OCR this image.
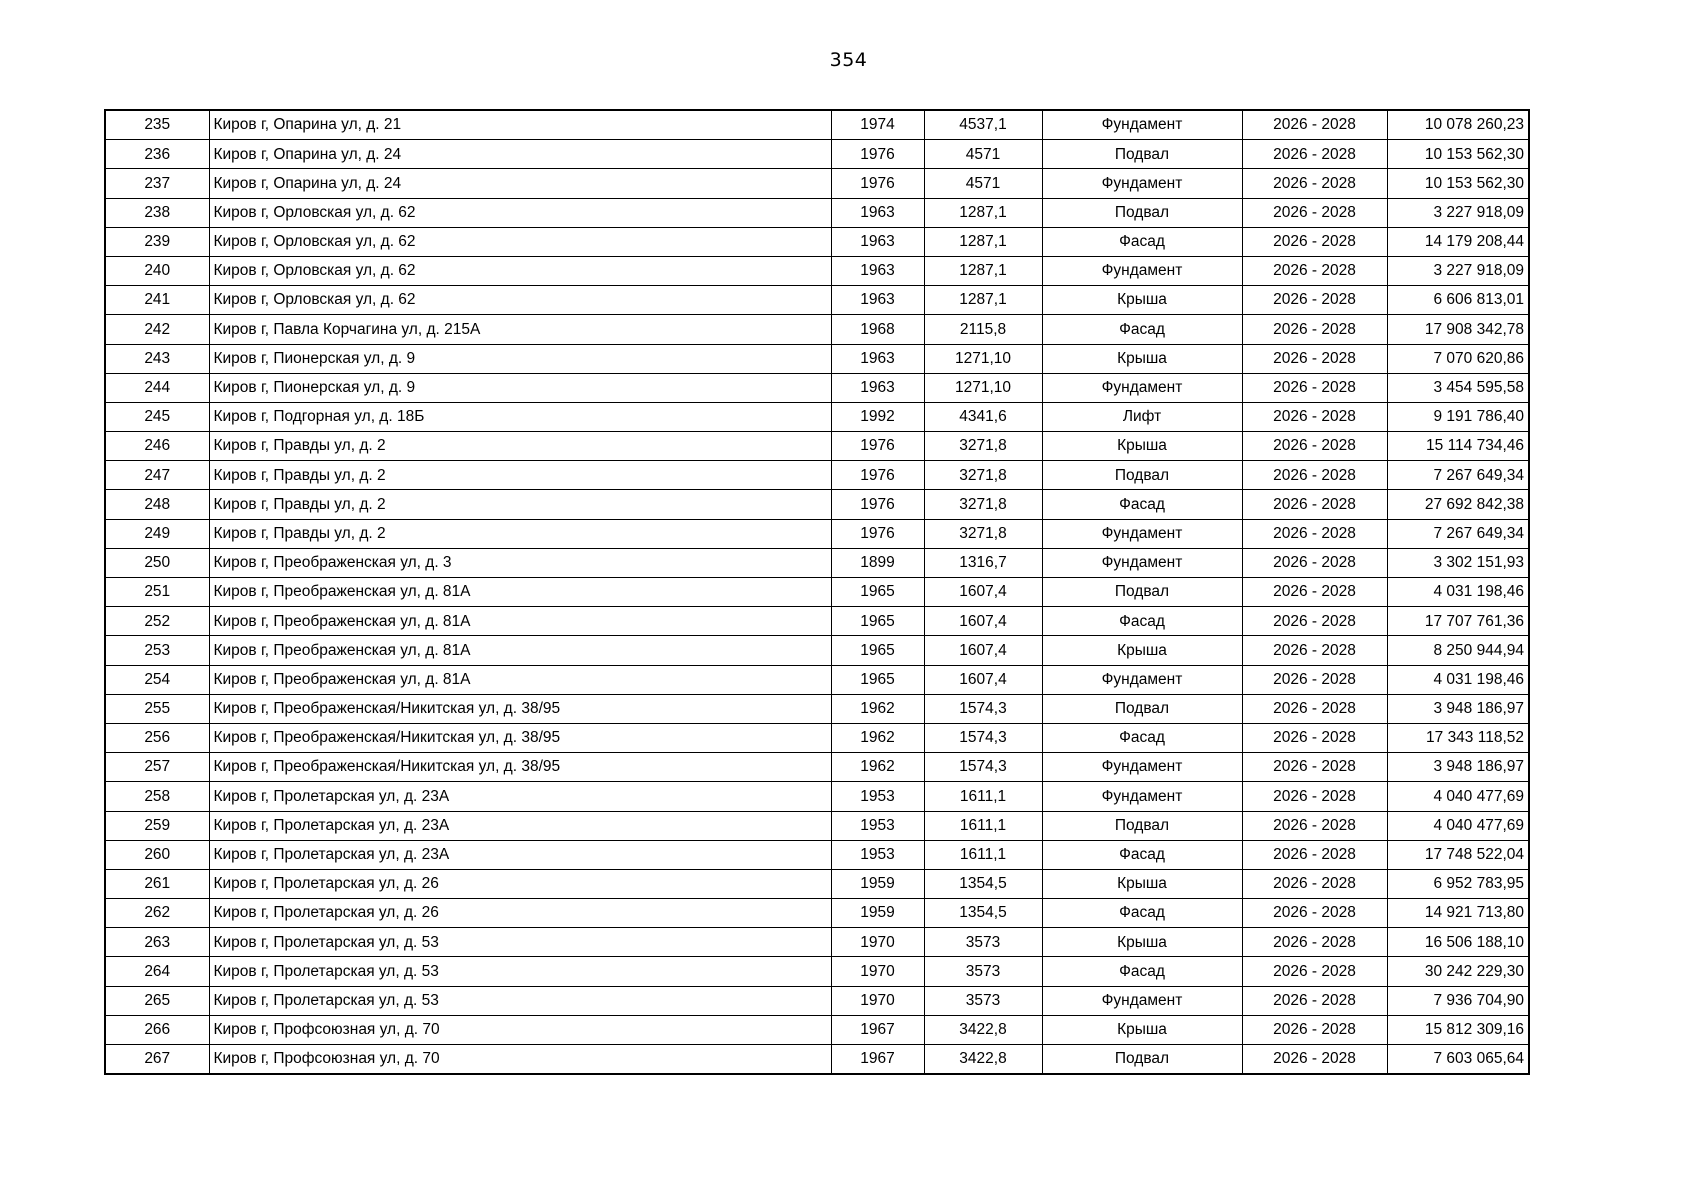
354
235	Киров г, Опарина ул, д. 21	1974	4537,1	Фундамент	2026 - 2028	10 078 260,23
236	Киров г, Опарина ул, д. 24	1976	4571	Подвал	2026 - 2028	10 153 562,30
237	Киров г, Опарина ул, д. 24	1976	4571	Фундамент	2026 - 2028	10 153 562,30
238	Киров г, Орловская ул, д. 62	1963	1287,1	Подвал	2026 - 2028	3 227 918,09
239	Киров г, Орловская ул, д. 62	1963	1287,1	Фасад	2026 - 2028	14 179 208,44
240	Киров г, Орловская ул, д. 62	1963	1287,1	Фундамент	2026 - 2028	3 227 918,09
241	Киров г, Орловская ул, д. 62	1963	1287,1	Крыша	2026 - 2028	6 606 813,01
242	Киров г, Павла Корчагина ул, д. 215А	1968	2115,8	Фасад	2026 - 2028	17 908 342,78
243	Киров г, Пионерская ул, д. 9	1963	1271,10	Крыша	2026 - 2028	7 070 620,86
244	Киров г, Пионерская ул, д. 9	1963	1271,10	Фундамент	2026 - 2028	3 454 595,58
245	Киров г, Подгорная ул, д. 18Б	1992	4341,6	Лифт	2026 - 2028	9 191 786,40
246	Киров г, Правды ул, д. 2	1976	3271,8	Крыша	2026 - 2028	15 114 734,46
247	Киров г, Правды ул, д. 2	1976	3271,8	Подвал	2026 - 2028	7 267 649,34
248	Киров г, Правды ул, д. 2	1976	3271,8	Фасад	2026 - 2028	27 692 842,38
249	Киров г, Правды ул, д. 2	1976	3271,8	Фундамент	2026 - 2028	7 267 649,34
250	Киров г, Преображенская ул, д. 3	1899	1316,7	Фундамент	2026 - 2028	3 302 151,93
251	Киров г, Преображенская ул, д. 81А	1965	1607,4	Подвал	2026 - 2028	4 031 198,46
252	Киров г, Преображенская ул, д. 81А	1965	1607,4	Фасад	2026 - 2028	17 707 761,36
253	Киров г, Преображенская ул, д. 81А	1965	1607,4	Крыша	2026 - 2028	8 250 944,94
254	Киров г, Преображенская ул, д. 81А	1965	1607,4	Фундамент	2026 - 2028	4 031 198,46
255	Киров г, Преображенская/Никитская ул, д. 38/95	1962	1574,3	Подвал	2026 - 2028	3 948 186,97
256	Киров г, Преображенская/Никитская ул, д. 38/95	1962	1574,3	Фасад	2026 - 2028	17 343 118,52
257	Киров г, Преображенская/Никитская ул, д. 38/95	1962	1574,3	Фундамент	2026 - 2028	3 948 186,97
258	Киров г, Пролетарская ул, д. 23А	1953	1611,1	Фундамент	2026 - 2028	4 040 477,69
259	Киров г, Пролетарская ул, д. 23А	1953	1611,1	Подвал	2026 - 2028	4 040 477,69
260	Киров г, Пролетарская ул, д. 23А	1953	1611,1	Фасад	2026 - 2028	17 748 522,04
261	Киров г, Пролетарская ул, д. 26	1959	1354,5	Крыша	2026 - 2028	6 952 783,95
262	Киров г, Пролетарская ул, д. 26	1959	1354,5	Фасад	2026 - 2028	14 921 713,80
263	Киров г, Пролетарская ул, д. 53	1970	3573	Крыша	2026 - 2028	16 506 188,10
264	Киров г, Пролетарская ул, д. 53	1970	3573	Фасад	2026 - 2028	30 242 229,30
265	Киров г, Пролетарская ул, д. 53	1970	3573	Фундамент	2026 - 2028	7 936 704,90
266	Киров г, Профсоюзная ул, д. 70	1967	3422,8	Крыша	2026 - 2028	15 812 309,16
267	Киров г, Профсоюзная ул, д. 70	1967	3422,8	Подвал	2026 - 2028	7 603 065,64
